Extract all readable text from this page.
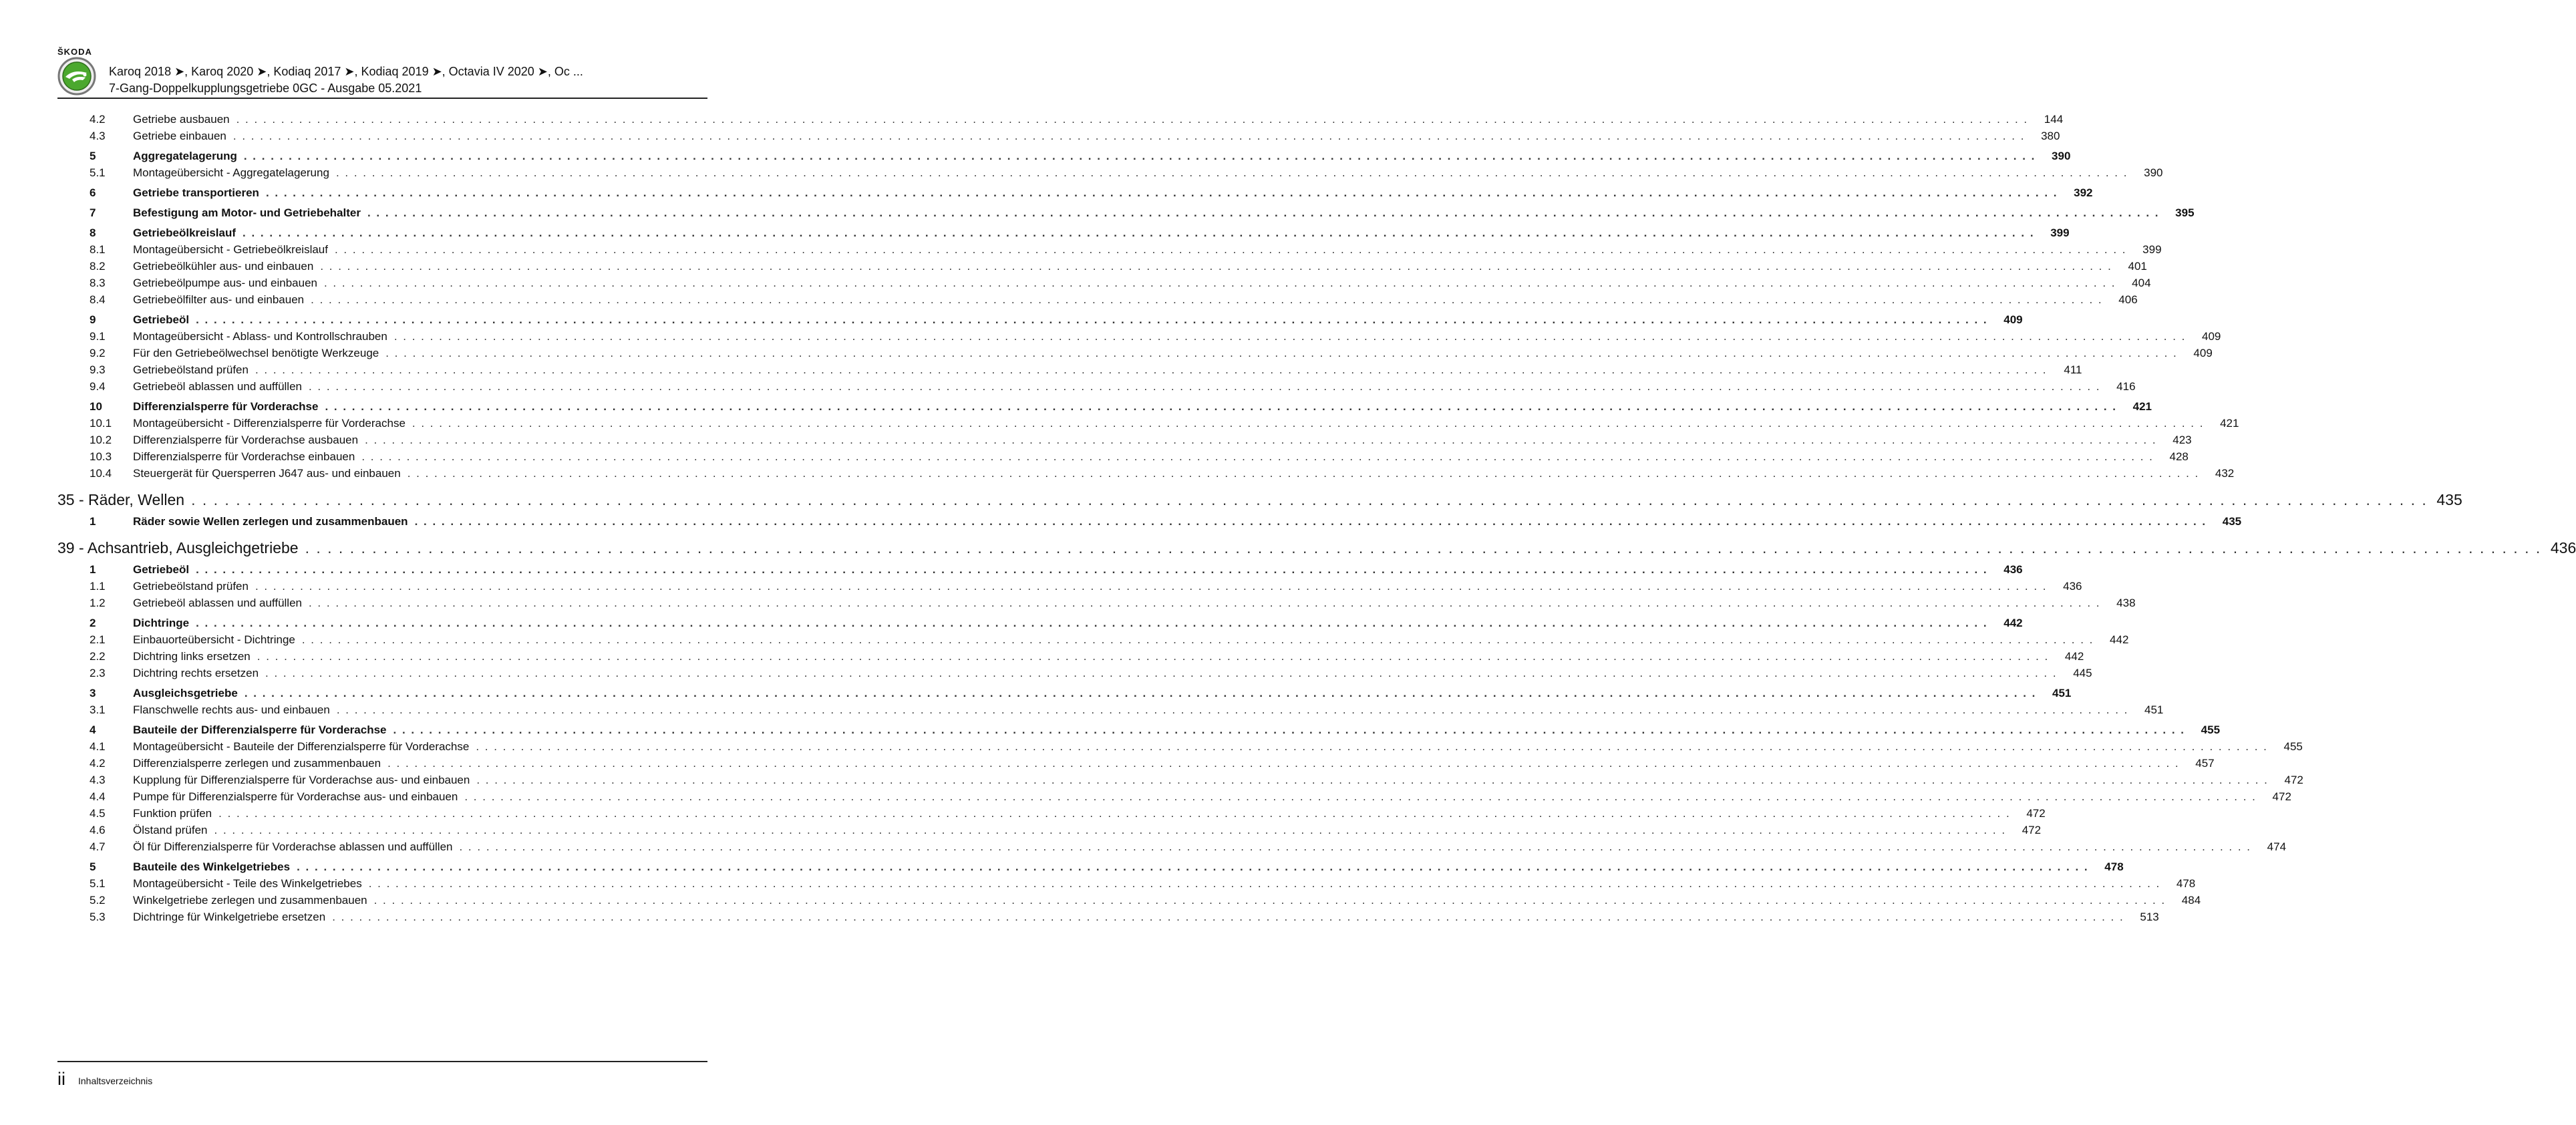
ŠKODA
Karoq 2018 ➤, Karoq 2020 ➤, Kodiaq 2017 ➤, Kodiaq 2019 ➤, Octavia IV 2020 ➤, Oc ...
7-Gang-Doppelkupplungsgetriebe 0GC - Ausgabe 05.2021
4.2 Getriebe ausbauen . . . . . . . . . . . . . . . . . . . . . . . . . . . . . . . . . . . . . . . . . . . . . . . . . . . . . . . . . . . . . . . . . . . . . . . . . . . . . . . . . . . . . . . . . . . . . . . . . . . . . . . . . . . . . . . . . . . . . . . . . . . . . . . . . . . . . . . . . . . . . . . . . . . . . . . . . . . . . . . . . . . . . . . . . . . . . . . . . . . . . . . . . . . . . . . . . . . . . . . .	144
4.3 Getriebe einbauen . . . . . . . . . . . . . . . . . . . . . . . . . . . . . . . . . . . . . . . . . . . . . . . . . . . . . . . . . . . . . . . . . . . . . . . . . . . . . . . . . . . . . . . . . . . . . . . . . . . . . . . . . . . . . . . . . . . . . . . . . . . . . . . . . . . . . . . . . . . . . . . . . . . . . . . . . . . . . . . . . . . . . . . . . . . . . . . . . . . . . . . . . . . . . . . . . . . . . . . .	380
5	Aggregatelagerung . . . . . . . . . . . . . . . . . . . . . . . . . . . . . . . . . . . . . . . . . . . . . . . . . . . . . . . . . . . . . . . . . . . . . . . . . . . . . . . . . . . . . . . . . . . . . . . . . . . . . . . . . . . . . . . . . . . . . . . . . . . . . . . . . . . . . . . . . . . . . . . . . . . . . . . . . . . . . . . . . . . . . . . . . . . . . . . . . . . . . . . . . . . . . . . . . . . . . . . .	390
5.1 Montageübersicht - Aggregatelagerung . . . . . . . . . . . . . . . . . . . . . . . . . . . . . . . . . . . . . . . . . . . . . . . . . . . . . . . . . . . . . . . . . . . . . . . . . . . . . . . . . . . . . . . . . . . . . . . . . . . . . . . . . . . . . . . . . . . . . . . . . . . . . . . . . . . . . . . . . . . . . . . . . . . . . . . . . . . . . . . . . . . . . . . . . . . . . . . . . . . . . . . . . . . . . . . . . . . . . . . .	390
6	Getriebe transportieren . . . . . . . . . . . . . . . . . . . . . . . . . . . . . . . . . . . . . . . . . . . . . . . . . . . . . . . . . . . . . . . . . . . . . . . . . . . . . . . . . . . . . . . . . . . . . . . . . . . . . . . . . . . . . . . . . . . . . . . . . . . . . . . . . . . . . . . . . . . . . . . . . . . . . . . . . . . . . . . . . . . . . . . . . . . . . . . . . . . . . . . . . . . . . . . . . . . . . . . .	392
7	Befestigung am Motor- und Getriebehalter . . . . . . . . . . . . . . . . . . . . . . . . . . . . . . . . . . . . . . . . . . . . . . . . . . . . . . . . . . . . . . . . . . . . . . . . . . . . . . . . . . . . . . . . . . . . . . . . . . . . . . . . . . . . . . . . . . . . . . . . . . . . . . . . . . . . . . . . . . . . . . . . . . . . . . . . . . . . . . . . . . . . . . . . . . . . . . . . . . . . . . . . . . . . . . . . . . . . . . . .	395
8	Getriebeölkreislauf . . . . . . . . . . . . . . . . . . . . . . . . . . . . . . . . . . . . . . . . . . . . . . . . . . . . . . . . . . . . . . . . . . . . . . . . . . . . . . . . . . . . . . . . . . . . . . . . . . . . . . . . . . . . . . . . . . . . . . . . . . . . . . . . . . . . . . . . . . . . . . . . . . . . . . . . . . . . . . . . . . . . . . . . . . . . . . . . . . . . . . . . . . . . . . . . . . . . . . . .	399
8.1 Montageübersicht - Getriebeölkreislauf . . . . . . . . . . . . . . . . . . . . . . . . . . . . . . . . . . . . . . . . . . . . . . . . . . . . . . . . . . . . . . . . . . . . . . . . . . . . . . . . . . . . . . . . . . . . . . . . . . . . . . . . . . . . . . . . . . . . . . . . . . . . . . . . . . . . . . . . . . . . . . . . . . . . . . . . . . . . . . . . . . . . . . . . . . . . . . . . . . . . . . . . . . . . . . . . . . . . . . . .	399
8.2 Getriebeölkühler aus- und einbauen . . . . . . . . . . . . . . . . . . . . . . . . . . . . . . . . . . . . . . . . . . . . . . . . . . . . . . . . . . . . . . . . . . . . . . . . . . . . . . . . . . . . . . . . . . . . . . . . . . . . . . . . . . . . . . . . . . . . . . . . . . . . . . . . . . . . . . . . . . . . . . . . . . . . . . . . . . . . . . . . . . . . . . . . . . . . . . . . . . . . . . . . . . . . . . . . . . . . . . . .	401
8.3 Getriebeölpumpe aus- und einbauen . . . . . . . . . . . . . . . . . . . . . . . . . . . . . . . . . . . . . . . . . . . . . . . . . . . . . . . . . . . . . . . . . . . . . . . . . . . . . . . . . . . . . . . . . . . . . . . . . . . . . . . . . . . . . . . . . . . . . . . . . . . . . . . . . . . . . . . . . . . . . . . . . . . . . . . . . . . . . . . . . . . . . . . . . . . . . . . . . . . . . . . . . . . . . . . . . . . . . . . .	404
8.4 Getriebeölfilter aus- und einbauen . . . . . . . . . . . . . . . . . . . . . . . . . . . . . . . . . . . . . . . . . . . . . . . . . . . . . . . . . . . . . . . . . . . . . . . . . . . . . . . . . . . . . . . . . . . . . . . . . . . . . . . . . . . . . . . . . . . . . . . . . . . . . . . . . . . . . . . . . . . . . . . . . . . . . . . . . . . . . . . . . . . . . . . . . . . . . . . . . . . . . . . . . . . . . . . . . . . . . . . .	406
9	Getriebeöl . . . . . . . . . . . . . . . . . . . . . . . . . . . . . . . . . . . . . . . . . . . . . . . . . . . . . . . . . . . . . . . . . . . . . . . . . . . . . . . . . . . . . . . . . . . . . . . . . . . . . . . . . . . . . . . . . . . . . . . . . . . . . . . . . . . . . . . . . . . . . . . . . . . . . . . . . . . . . . . . . . . . . . . . . . . . . . . . . . . . . . . . . . . . . . . . . . . . . . . .	409
9.1 Montageübersicht - Ablass- und Kontrollschrauben . . . . . . . . . . . . . . . . . . . . . . . . . . . . . . . . . . . . . . . . . . . . . . . . . . . . . . . . . . . . . . . . . . . . . . . . . . . . . . . . . . . . . . . . . . . . . . . . . . . . . . . . . . . . . . . . . . . . . . . . . . . . . . . . . . . . . . . . . . . . . . . . . . . . . . . . . . . . . . . . . . . . . . . . . . . . . . . . . . . . . . . . . . . . . . . . . . . . . . . .	409
9.2 Für den Getriebeölwechsel benötigte Werkzeuge . . . . . . . . . . . . . . . . . . . . . . . . . . . . . . . . . . . . . . . . . . . . . . . . . . . . . . . . . . . . . . . . . . . . . . . . . . . . . . . . . . . . . . . . . . . . . . . . . . . . . . . . . . . . . . . . . . . . . . . . . . . . . . . . . . . . . . . . . . . . . . . . . . . . . . . . . . . . . . . . . . . . . . . . . . . . . . . . . . . . . . . . . . . . . . . . . . . . . . . .	409
9.3 Getriebeölstand prüfen . . . . . . . . . . . . . . . . . . . . . . . . . . . . . . . . . . . . . . . . . . . . . . . . . . . . . . . . . . . . . . . . . . . . . . . . . . . . . . . . . . . . . . . . . . . . . . . . . . . . . . . . . . . . . . . . . . . . . . . . . . . . . . . . . . . . . . . . . . . . . . . . . . . . . . . . . . . . . . . . . . . . . . . . . . . . . . . . . . . . . . . . . . . . . . . . . . . . . . . .	411
9.4 Getriebeöl ablassen und auffüllen . . . . . . . . . . . . . . . . . . . . . . . . . . . . . . . . . . . . . . . . . . . . . . . . . . . . . . . . . . . . . . . . . . . . . . . . . . . . . . . . . . . . . . . . . . . . . . . . . . . . . . . . . . . . . . . . . . . . . . . . . . . . . . . . . . . . . . . . . . . . . . . . . . . . . . . . . . . . . . . . . . . . . . . . . . . . . . . . . . . . . . . . . . . . . . . . . . . . . . . .	416
10	Differenzialsperre für Vorderachse . . . . . . . . . . . . . . . . . . . . . . . . . . . . . . . . . . . . . . . . . . . . . . . . . . . . . . . . . . . . . . . . . . . . . . . . . . . . . . . . . . . . . . . . . . . . . . . . . . . . . . . . . . . . . . . . . . . . . . . . . . . . . . . . . . . . . . . . . . . . . . . . . . . . . . . . . . . . . . . . . . . . . . . . . . . . . . . . . . . . . . . . . . . . . . . . . . . . . . . .	421
10.1 Montageübersicht - Differenzialsperre für Vorderachse . . . . . . . . . . . . . . . . . . . . . . . . . . . . . . . . . . . . . . . . . . . . . . . . . . . . . . . . . . . . . . . . . . . . . . . . . . . . . . . . . . . . . . . . . . . . . . . . . . . . . . . . . . . . . . . . . . . . . . . . . . . . . . . . . . . . . . . . . . . . . . . . . . . . . . . . . . . . . . . . . . . . . . . . . . . . . . . . . . . . . . . . . . . . . . . . . . . . . . . .	421
10.2 Differenzialsperre für Vorderachse ausbauen . . . . . . . . . . . . . . . . . . . . . . . . . . . . . . . . . . . . . . . . . . . . . . . . . . . . . . . . . . . . . . . . . . . . . . . . . . . . . . . . . . . . . . . . . . . . . . . . . . . . . . . . . . . . . . . . . . . . . . . . . . . . . . . . . . . . . . . . . . . . . . . . . . . . . . . . . . . . . . . . . . . . . . . . . . . . . . . . . . . . . . . . . . . . . . . . . . . . . . . .	423
10.3 Differenzialsperre für Vorderachse einbauen . . . . . . . . . . . . . . . . . . . . . . . . . . . . . . . . . . . . . . . . . . . . . . . . . . . . . . . . . . . . . . . . . . . . . . . . . . . . . . . . . . . . . . . . . . . . . . . . . . . . . . . . . . . . . . . . . . . . . . . . . . . . . . . . . . . . . . . . . . . . . . . . . . . . . . . . . . . . . . . . . . . . . . . . . . . . . . . . . . . . . . . . . . . . . . . . . . . . . . . .	428
10.4 Steuergerät für Quersperren J647 aus- und einbauen . . . . . . . . . . . . . . . . . . . . . . . . . . . . . . . . . . . . . . . . . . . . . . . . . . . . . . . . . . . . . . . . . . . . . . . . . . . . . . . . . . . . . . . . . . . . . . . . . . . . . . . . . . . . . . . . . . . . . . . . . . . . . . . . . . . . . . . . . . . . . . . . . . . . . . . . . . . . . . . . . . . . . . . . . . . . . . . . . . . . . . . . . . . . . . . . . . . . . . . .	432
35 - Räder, Wellen . . . . . . . . . . . . . . . . . . . . . . . . . . . . . . . . . . . . . . . . . . . . . . . . . . . . . . . . . . . . . . . . . . . . . . . . . . . . . . . . . . . . . . . . . . . . . . . . . . . . . . . . . . . . . . . . . . . . . . . . . . . . . . . . . . . . . . . . . . . . . . . . . . . . . . . . . . . . . . . . . . . . . . . . . . . . . . . . . . . . . . . . . . . . . . . . . . . . . . . . 435
1	Räder sowie Wellen zerlegen und zusammenbauen . . . . . . . . . . . . . . . . . . . . . . . . . . . . . . . . . . . . . . . . . . . . . . . . . . . . . . . . . . . . . . . . . . . . . . . . . . . . . . . . . . . . . . . . . . . . . . . . . . . . . . . . . . . . . . . . . . . . . . . . . . . . . . . . . . . . . . . . . . . . . . . . . . . . . . . . . . . . . . . . . . . . . . . . . . . . . . . . . . . . . . . . . . . . . . . . . . . . . . . .	435
39 - Achsantrieb, Ausgleichgetriebe . . . . . . . . . . . . . . . . . . . . . . . . . . . . . . . . . . . . . . . . . . . . . . . . . . . . . . . . . . . . . . . . . . . . . . . . . . . . . . . . . . . . . . . . . . . . . . . . . . . . . . . . . . . . . . . . . . . . . . . . . . . . . . . . . . . . . . . . . . . . . . . . . . . . . . . . . . . . . . . . . . . . . . . . . . . . . . . . . . . . . . . . . . . . . . . . . . . . . . . . 436
1	Getriebeöl . . . . . . . . . . . . . . . . . . . . . . . . . . . . . . . . . . . . . . . . . . . . . . . . . . . . . . . . . . . . . . . . . . . . . . . . . . . . . . . . . . . . . . . . . . . . . . . . . . . . . . . . . . . . . . . . . . . . . . . . . . . . . . . . . . . . . . . . . . . . . . . . . . . . . . . . . . . . . . . . . . . . . . . . . . . . . . . . . . . . . . . . . . . . . . . . . . . . . . . .	436
1.1 Getriebeölstand prüfen . . . . . . . . . . . . . . . . . . . . . . . . . . . . . . . . . . . . . . . . . . . . . . . . . . . . . . . . . . . . . . . . . . . . . . . . . . . . . . . . . . . . . . . . . . . . . . . . . . . . . . . . . . . . . . . . . . . . . . . . . . . . . . . . . . . . . . . . . . . . . . . . . . . . . . . . . . . . . . . . . . . . . . . . . . . . . . . . . . . . . . . . . . . . . . . . . . . . . . . .	436
1.2 Getriebeöl ablassen und auffüllen . . . . . . . . . . . . . . . . . . . . . . . . . . . . . . . . . . . . . . . . . . . . . . . . . . . . . . . . . . . . . . . . . . . . . . . . . . . . . . . . . . . . . . . . . . . . . . . . . . . . . . . . . . . . . . . . . . . . . . . . . . . . . . . . . . . . . . . . . . . . . . . . . . . . . . . . . . . . . . . . . . . . . . . . . . . . . . . . . . . . . . . . . . . . . . . . . . . . . . . .	438
2	Dichtringe . . . . . . . . . . . . . . . . . . . . . . . . . . . . . . . . . . . . . . . . . . . . . . . . . . . . . . . . . . . . . . . . . . . . . . . . . . . . . . . . . . . . . . . . . . . . . . . . . . . . . . . . . . . . . . . . . . . . . . . . . . . . . . . . . . . . . . . . . . . . . . . . . . . . . . . . . . . . . . . . . . . . . . . . . . . . . . . . . . . . . . . . . . . . . . . . . . . . . . . .	442
2.1 Einbauorteübersicht - Dichtringe . . . . . . . . . . . . . . . . . . . . . . . . . . . . . . . . . . . . . . . . . . . . . . . . . . . . . . . . . . . . . . . . . . . . . . . . . . . . . . . . . . . . . . . . . . . . . . . . . . . . . . . . . . . . . . . . . . . . . . . . . . . . . . . . . . . . . . . . . . . . . . . . . . . . . . . . . . . . . . . . . . . . . . . . . . . . . . . . . . . . . . . . . . . . . . . . . . . . . . . .	442
2.2 Dichtring links ersetzen . . . . . . . . . . . . . . . . . . . . . . . . . . . . . . . . . . . . . . . . . . . . . . . . . . . . . . . . . . . . . . . . . . . . . . . . . . . . . . . . . . . . . . . . . . . . . . . . . . . . . . . . . . . . . . . . . . . . . . . . . . . . . . . . . . . . . . . . . . . . . . . . . . . . . . . . . . . . . . . . . . . . . . . . . . . . . . . . . . . . . . . . . . . . . . . . . . . . . . . .	442
2.3 Dichtring rechts ersetzen . . . . . . . . . . . . . . . . . . . . . . . . . . . . . . . . . . . . . . . . . . . . . . . . . . . . . . . . . . . . . . . . . . . . . . . . . . . . . . . . . . . . . . . . . . . . . . . . . . . . . . . . . . . . . . . . . . . . . . . . . . . . . . . . . . . . . . . . . . . . . . . . . . . . . . . . . . . . . . . . . . . . . . . . . . . . . . . . . . . . . . . . . . . . . . . . . . . . . . . .	445
3	Ausgleichsgetriebe . . . . . . . . . . . . . . . . . . . . . . . . . . . . . . . . . . . . . . . . . . . . . . . . . . . . . . . . . . . . . . . . . . . . . . . . . . . . . . . . . . . . . . . . . . . . . . . . . . . . . . . . . . . . . . . . . . . . . . . . . . . . . . . . . . . . . . . . . . . . . . . . . . . . . . . . . . . . . . . . . . . . . . . . . . . . . . . . . . . . . . . . . . . . . . . . . . . . . . . .	451
3.1 Flanschwelle rechts aus- und einbauen . . . . . . . . . . . . . . . . . . . . . . . . . . . . . . . . . . . . . . . . . . . . . . . . . . . . . . . . . . . . . . . . . . . . . . . . . . . . . . . . . . . . . . . . . . . . . . . . . . . . . . . . . . . . . . . . . . . . . . . . . . . . . . . . . . . . . . . . . . . . . . . . . . . . . . . . . . . . . . . . . . . . . . . . . . . . . . . . . . . . . . . . . . . . . . . . . . . . . . . .	451
4	Bauteile der Differenzialsperre für Vorderachse . . . . . . . . . . . . . . . . . . . . . . . . . . . . . . . . . . . . . . . . . . . . . . . . . . . . . . . . . . . . . . . . . . . . . . . . . . . . . . . . . . . . . . . . . . . . . . . . . . . . . . . . . . . . . . . . . . . . . . . . . . . . . . . . . . . . . . . . . . . . . . . . . . . . . . . . . . . . . . . . . . . . . . . . . . . . . . . . . . . . . . . . . . . . . . . . . . . . . . . .	455
4.1 Montageübersicht - Bauteile der Differenzialsperre für Vorderachse . . . . . . . . . . . . . . . . . . . . . . . . . . . . . . . . . . . . . . . . . . . . . . . . . . . . . . . . . . . . . . . . . . . . . . . . . . . . . . . . . . . . . . . . . . . . . . . . . . . . . . . . . . . . . . . . . . . . . . . . . . . . . . . . . . . . . . . . . . . . . . . . . . . . . . . . . . . . . . . . . . . . . . . . . . . . . . . . . . . . . . . . . . . . . . . . . . . . . . . .	455
4.2 Differenzialsperre zerlegen und zusammenbauen . . . . . . . . . . . . . . . . . . . . . . . . . . . . . . . . . . . . . . . . . . . . . . . . . . . . . . . . . . . . . . . . . . . . . . . . . . . . . . . . . . . . . . . . . . . . . . . . . . . . . . . . . . . . . . . . . . . . . . . . . . . . . . . . . . . . . . . . . . . . . . . . . . . . . . . . . . . . . . . . . . . . . . . . . . . . . . . . . . . . . . . . . . . . . . . . . . . . . . . .	457
4.3 Kupplung für Differenzialsperre für Vorderachse aus- und einbauen . . . . . . . . . . . . . . . . . . . . . . . . . . . . . . . . . . . . . . . . . . . . . . . . . . . . . . . . . . . . . . . . . . . . . . . . . . . . . . . . . . . . . . . . . . . . . . . . . . . . . . . . . . . . . . . . . . . . . . . . . . . . . . . . . . . . . . . . . . . . . . . . . . . . . . . . . . . . . . . . . . . . . . . . . . . . . . . . . . . . . . . . . . . . . . . . . . . . . . . .	472
4.4 Pumpe für Differenzialsperre für Vorderachse aus- und einbauen . . . . . . . . . . . . . . . . . . . . . . . . . . . . . . . . . . . . . . . . . . . . . . . . . . . . . . . . . . . . . . . . . . . . . . . . . . . . . . . . . . . . . . . . . . . . . . . . . . . . . . . . . . . . . . . . . . . . . . . . . . . . . . . . . . . . . . . . . . . . . . . . . . . . . . . . . . . . . . . . . . . . . . . . . . . . . . . . . . . . . . . . . . . . . . . . . . . . . . . .	472
4.5 Funktion prüfen . . . . . . . . . . . . . . . . . . . . . . . . . . . . . . . . . . . . . . . . . . . . . . . . . . . . . . . . . . . . . . . . . . . . . . . . . . . . . . . . . . . . . . . . . . . . . . . . . . . . . . . . . . . . . . . . . . . . . . . . . . . . . . . . . . . . . . . . . . . . . . . . . . . . . . . . . . . . . . . . . . . . . . . . . . . . . . . . . . . . . . . . . . . . . . . . . . . . . . . .	472
4.6 Ölstand prüfen . . . . . . . . . . . . . . . . . . . . . . . . . . . . . . . . . . . . . . . . . . . . . . . . . . . . . . . . . . . . . . . . . . . . . . . . . . . . . . . . . . . . . . . . . . . . . . . . . . . . . . . . . . . . . . . . . . . . . . . . . . . . . . . . . . . . . . . . . . . . . . . . . . . . . . . . . . . . . . . . . . . . . . . . . . . . . . . . . . . . . . . . . . . . . . . . . . . . . . . .	472
4.7 Öl für Differenzialsperre für Vorderachse ablassen und auffüllen . . . . . . . . . . . . . . . . . . . . . . . . . . . . . . . . . . . . . . . . . . . . . . . . . . . . . . . . . . . . . . . . . . . . . . . . . . . . . . . . . . . . . . . . . . . . . . . . . . . . . . . . . . . . . . . . . . . . . . . . . . . . . . . . . . . . . . . . . . . . . . . . . . . . . . . . . . . . . . . . . . . . . . . . . . . . . . . . . . . . . . . . . . . . . . . . . . . . . . . .	474
5	Bauteile des Winkelgetriebes . . . . . . . . . . . . . . . . . . . . . . . . . . . . . . . . . . . . . . . . . . . . . . . . . . . . . . . . . . . . . . . . . . . . . . . . . . . . . . . . . . . . . . . . . . . . . . . . . . . . . . . . . . . . . . . . . . . . . . . . . . . . . . . . . . . . . . . . . . . . . . . . . . . . . . . . . . . . . . . . . . . . . . . . . . . . . . . . . . . . . . . . . . . . . . . . . . . . . . . .	478
5.1 Montageübersicht - Teile des Winkelgetriebes . . . . . . . . . . . . . . . . . . . . . . . . . . . . . . . . . . . . . . . . . . . . . . . . . . . . . . . . . . . . . . . . . . . . . . . . . . . . . . . . . . . . . . . . . . . . . . . . . . . . . . . . . . . . . . . . . . . . . . . . . . . . . . . . . . . . . . . . . . . . . . . . . . . . . . . . . . . . . . . . . . . . . . . . . . . . . . . . . . . . . . . . . . . . . . . . . . . . . . . .	478
5.2 Winkelgetriebe zerlegen und zusammenbauen . . . . . . . . . . . . . . . . . . . . . . . . . . . . . . . . . . . . . . . . . . . . . . . . . . . . . . . . . . . . . . . . . . . . . . . . . . . . . . . . . . . . . . . . . . . . . . . . . . . . . . . . . . . . . . . . . . . . . . . . . . . . . . . . . . . . . . . . . . . . . . . . . . . . . . . . . . . . . . . . . . . . . . . . . . . . . . . . . . . . . . . . . . . . . . . . . . . . . . . .	484
5.3 Dichtringe für Winkelgetriebe ersetzen . . . . . . . . . . . . . . . . . . . . . . . . . . . . . . . . . . . . . . . . . . . . . . . . . . . . . . . . . . . . . . . . . . . . . . . . . . . . . . . . . . . . . . . . . . . . . . . . . . . . . . . . . . . . . . . . . . . . . . . . . . . . . . . . . . . . . . . . . . . . . . . . . . . . . . . . . . . . . . . . . . . . . . . . . . . . . . . . . . . . . . . . . . . . . . . . . . . . . . . .	513
ii Inhaltsverzeichnis
